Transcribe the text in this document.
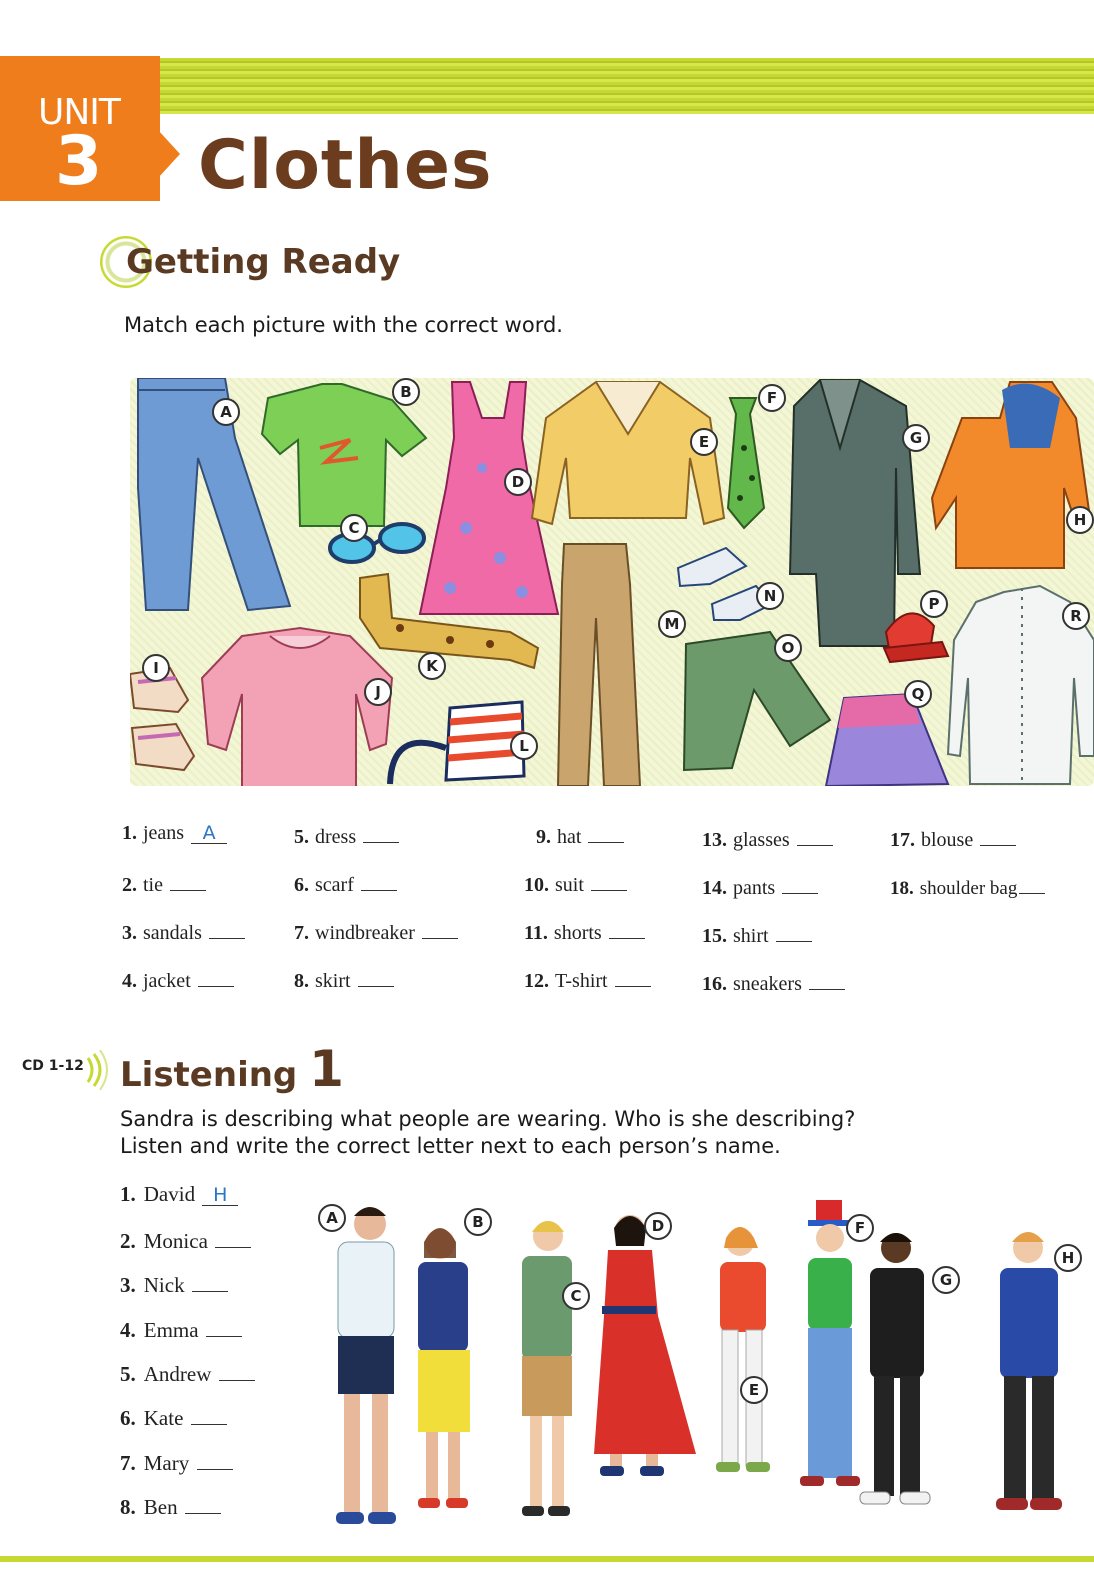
UNIT
3 Clothes
Getting Ready
Match each picture with the correct word.
A
B
C
D
E
F
G
H
I
J
K
L
M
N
O
P
Q
R
1. jeans A
2. tie
3. sandals
4. jacket
5. dress
6. scarf
7. windbreaker
8. skirt
9. hat
10. suit
11. shorts
12. T-shirt
13. glasses
14. pants
15. shirt
16. sneakers
17. blouse
18. shoulder bag
CD 1-12 Listening 1
Sandra is describing what people are wearing. Who is she describing?
Listen and write the correct letter next to each person’s name.
1. David H
2. Monica
3. Nick
4. Emma
5. Andrew
6. Kate
7. Mary
8. Ben
A	B
C
D
E
F
G
H
